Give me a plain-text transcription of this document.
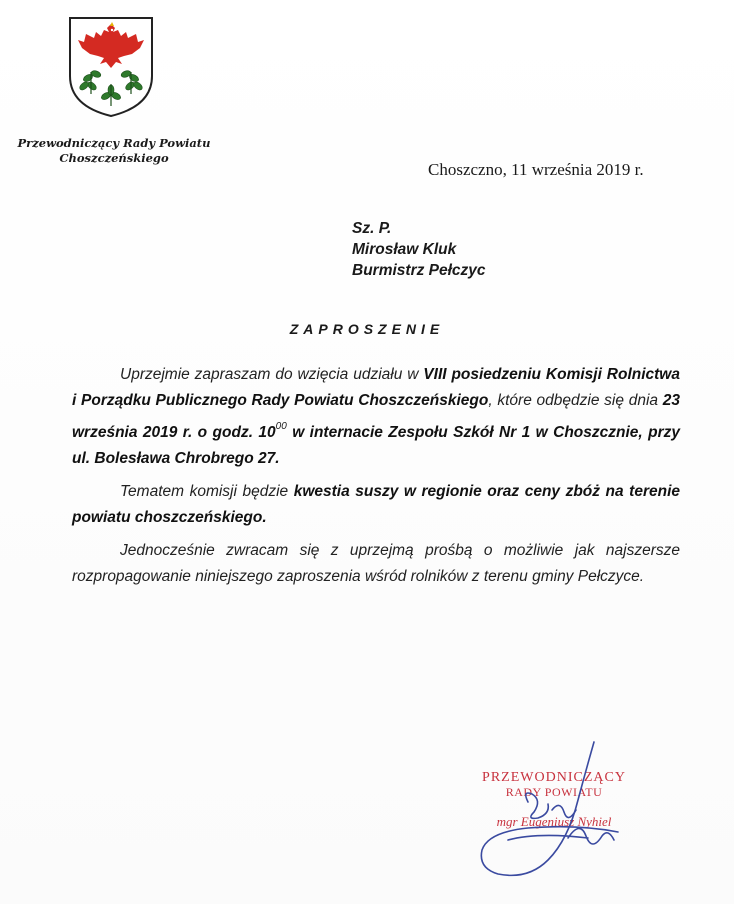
Przewodniczący Rady Powiatu
Choszczeńskiego
Choszczno, 11 września 2019 r.
Sz. P.
Mirosław Kluk
Burmistrz Pełczyc
ZAPROSZENIE

Uprzejmie zapraszam do wzięcia udziału w VIII posiedzeniu Komisji Rolnictwa i Porządku Publicznego Rady Powiatu Choszczeńskiego, które odbędzie się dnia 23 września 2019 r. o godz. $10^{00}$ w internacie Zespołu Szkół Nr 1 w Choszcznie, przy ul. Bolesława Chrobrego 27.

Tematem komisji będzie kwestia suszy w regionie oraz ceny zbóż na terenie powiatu choszczeńskiego.

Jednocześnie zwracam się z uprzejmą prośbą o możliwie jak najszersze rozpropagowanie niniejszego zaproszenia wśród rolników z terenu gminy Pełczyce.

PRZEWODNICZĄCY
RADY POWIATU
mgr Eugeniusz Nyhiel
